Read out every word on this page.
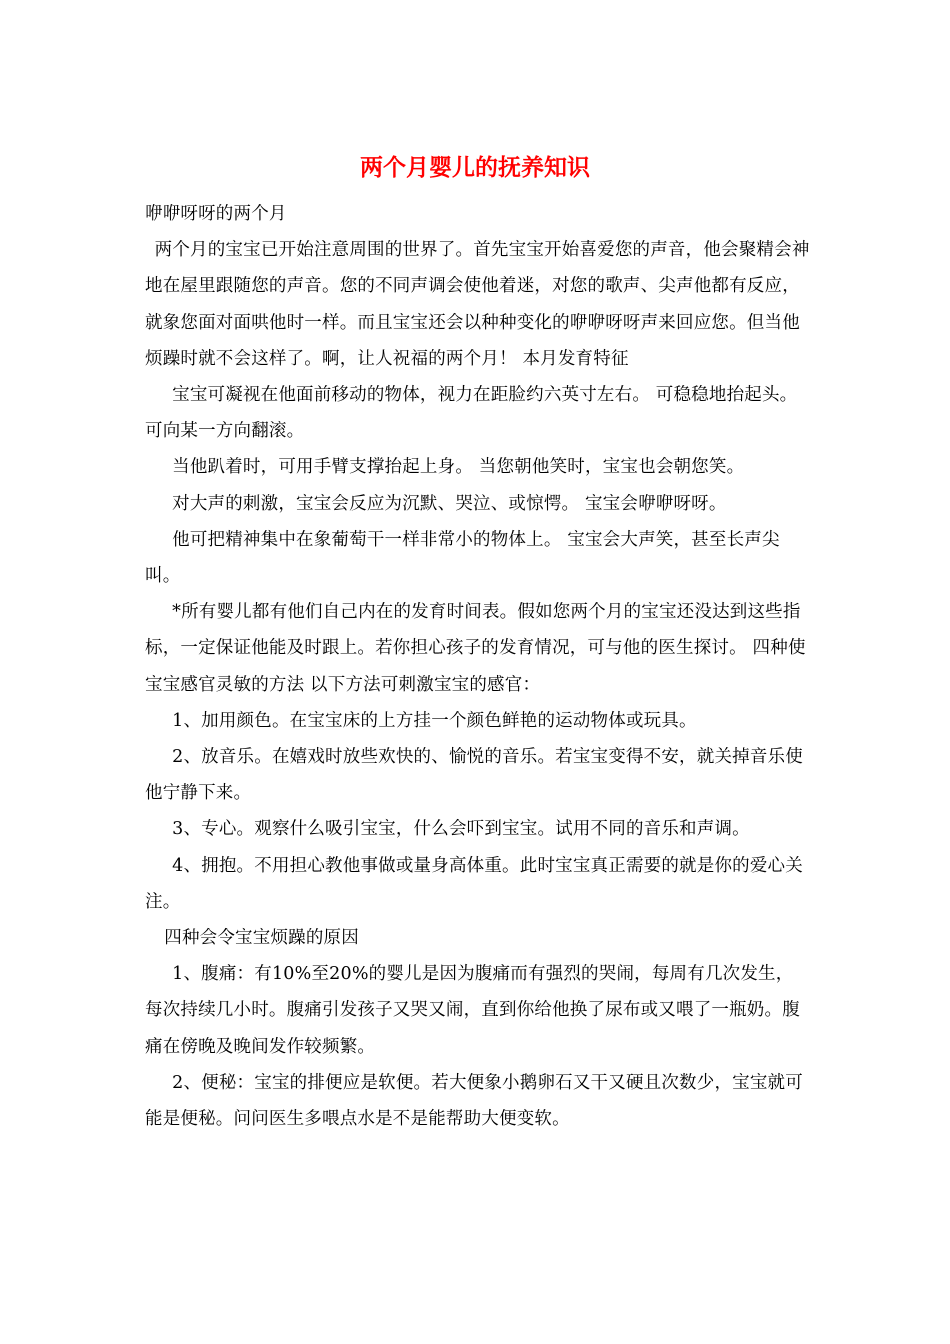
两个月婴儿的抚养知识

咿咿呀呀的两个月

两个月的宝宝已开始注意周围的世界了。首先宝宝开始喜爱您的声音，他会聚精会神地在屋里跟随您的声音。您的不同声调会使他着迷，对您的歌声、尖声他都有反应，就象您面对面哄他时一样。而且宝宝还会以种种变化的咿咿呀呀声来回应您。但当他烦躁时就不会这样了。啊，让人祝福的两个月！ 本月发育特征

宝宝可凝视在他面前移动的物体，视力在距脸约六英寸左右。 可稳稳地抬起头。 可向某一方向翻滚。

当他趴着时，可用手臂支撑抬起上身。 当您朝他笑时，宝宝也会朝您笑。

对大声的刺激，宝宝会反应为沉默、哭泣、或惊愕。 宝宝会咿咿呀呀。

他可把精神集中在象葡萄干一样非常小的物体上。 宝宝会大声笑，甚至长声尖叫。

*所有婴儿都有他们自己内在的发育时间表。假如您两个月的宝宝还没达到这些指标，一定保证他能及时跟上。若你担心孩子的发育情况，可与他的医生探讨。 四种使宝宝感官灵敏的方法 以下方法可刺激宝宝的感官：

1、加用颜色。在宝宝床的上方挂一个颜色鲜艳的运动物体或玩具。

2、放音乐。在嬉戏时放些欢快的、愉悦的音乐。若宝宝变得不安，就关掉音乐使他宁静下来。

3、专心。观察什么吸引宝宝，什么会吓到宝宝。试用不同的音乐和声调。

4、拥抱。不用担心教他事做或量身高体重。此时宝宝真正需要的就是你的爱心关注。

四种会令宝宝烦躁的原因

1、腹痛：有10%至20%的婴儿是因为腹痛而有强烈的哭闹，每周有几次发生，每次持续几小时。腹痛引发孩子又哭又闹，直到你给他换了尿布或又喂了一瓶奶。腹痛在傍晚及晚间发作较频繁。

2、便秘：宝宝的排便应是软便。若大便象小鹅卵石又干又硬且次数少，宝宝就可能是便秘。问问医生多喂点水是不是能帮助大便变软。
